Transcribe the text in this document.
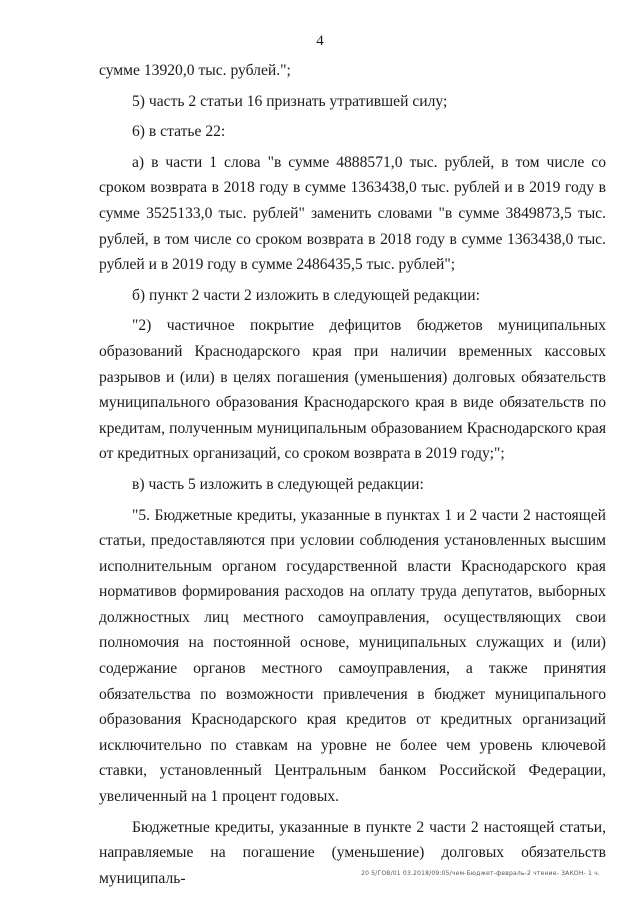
4

сумме 13920,0 тыс. рублей.";

5) часть 2 статьи 16 признать утратившей силу;

6) в статье 22:

а) в части 1 слова "в сумме 4888571,0 тыс. рублей, в том числе со сроком возврата в 2018 году в сумме 1363438,0 тыс. рублей и в 2019 году в сумме 3525133,0 тыс. рублей" заменить словами "в сумме 3849873,5 тыс. рублей, в том числе со сроком возврата в 2018 году в сумме 1363438,0 тыс. рублей и в 2019 году в сумме 2486435,5 тыс. рублей";

б) пункт 2 части 2 изложить в следующей редакции:

"2) частичное покрытие дефицитов бюджетов муниципальных образований Краснодарского края при наличии временных кассовых разрывов и (или) в целях погашения (уменьшения) долговых обязательств муниципального образования Краснодарского края в виде обязательств по кредитам, полученным муниципальным образованием Краснодарского края от кредитных организаций, со сроком возврата в 2019 году;";

в) часть 5 изложить в следующей редакции:

"5. Бюджетные кредиты, указанные в пунктах 1 и 2 части 2 настоящей статьи, предоставляются при условии соблюдения установленных высшим исполнительным органом государственной власти Краснодарского края нормативов формирования расходов на оплату труда депутатов, выборных должностных лиц местного самоуправления, осуществляющих свои полномочия на постоянной основе, муниципальных служащих и (или) содержание органов местного самоуправления, а также принятия обязательства по возможности привлечения в бюджет муниципального образования Краснодарского края кредитов от кредитных организаций исключительно по ставкам на уровне не более чем уровень ключевой ставки, установленный Центральным банком Российской Федерации, увеличенный на 1 процент годовых.

Бюджетные кредиты, указанные в пункте 2 части 2 настоящей статьи, направляемые на погашение (уменьшение) долговых обязательств муниципаль-	20 5/ГОВ/01 03.2018/09:05/чем-Бюджет-февраль-2 чтение- ЗАКОН- 1 ч.
